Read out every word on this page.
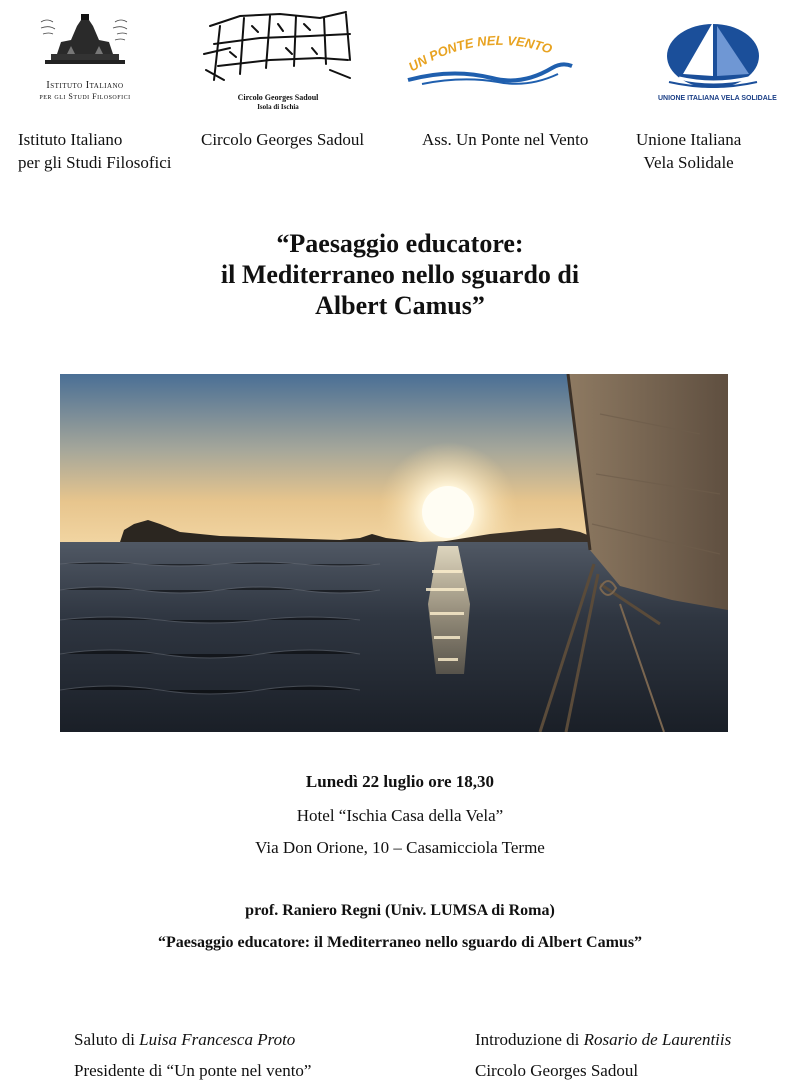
Istituto Italiano
per gli Studi Filosofici	Circolo Georges Sadoul
Isola di Ischia
UN PONTE NEL VENTO
UNIONE ITALIANA VELA SOLIDALE
Istituto Italiano
per gli Studi Filosofici
Circolo Georges Sadoul	Ass. Un Ponte nel Vento	Unione Italiana
Vela Solidale
“Paesaggio educatore:
il Mediterraneo nello sguardo di
Albert Camus”
Lunedì 22 luglio ore 18,30
Hotel “Ischia Casa della Vela”
Via Don Orione, 10 – Casamicciola Terme
prof. Raniero Regni (Univ. LUMSA di Roma)
“Paesaggio educatore: il Mediterraneo nello sguardo di Albert Camus”
Saluto di Luisa Francesca Proto
Presidente di “Un ponte nel vento”
Introduzione di Rosario de Laurentiis
Circolo Georges Sadoul
